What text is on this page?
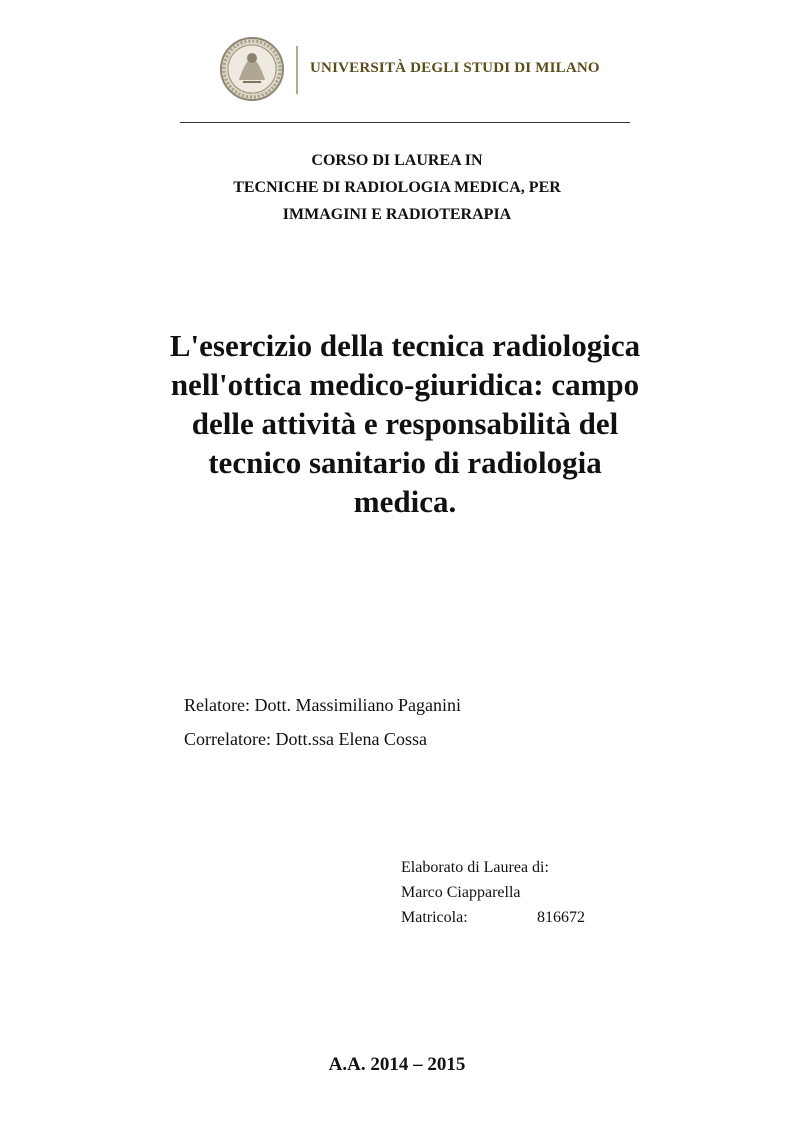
UNIVERSITÀ DEGLI STUDI DI MILANO
CORSO DI LAUREA IN
TECNICHE DI RADIOLOGIA MEDICA, PER
IMMAGINI E RADIOTERAPIA
L'esercizio della tecnica radiologica
nell'ottica medico-giuridica: campo
delle attività e responsabilità del
tecnico sanitario di radiologia
medica.
Relatore: Dott. Massimiliano Paganini
Correlatore: Dott.ssa Elena Cossa
Elaborato di Laurea di:
Marco Ciapparella
Matricola:	816672
A.A. 2014 – 2015
